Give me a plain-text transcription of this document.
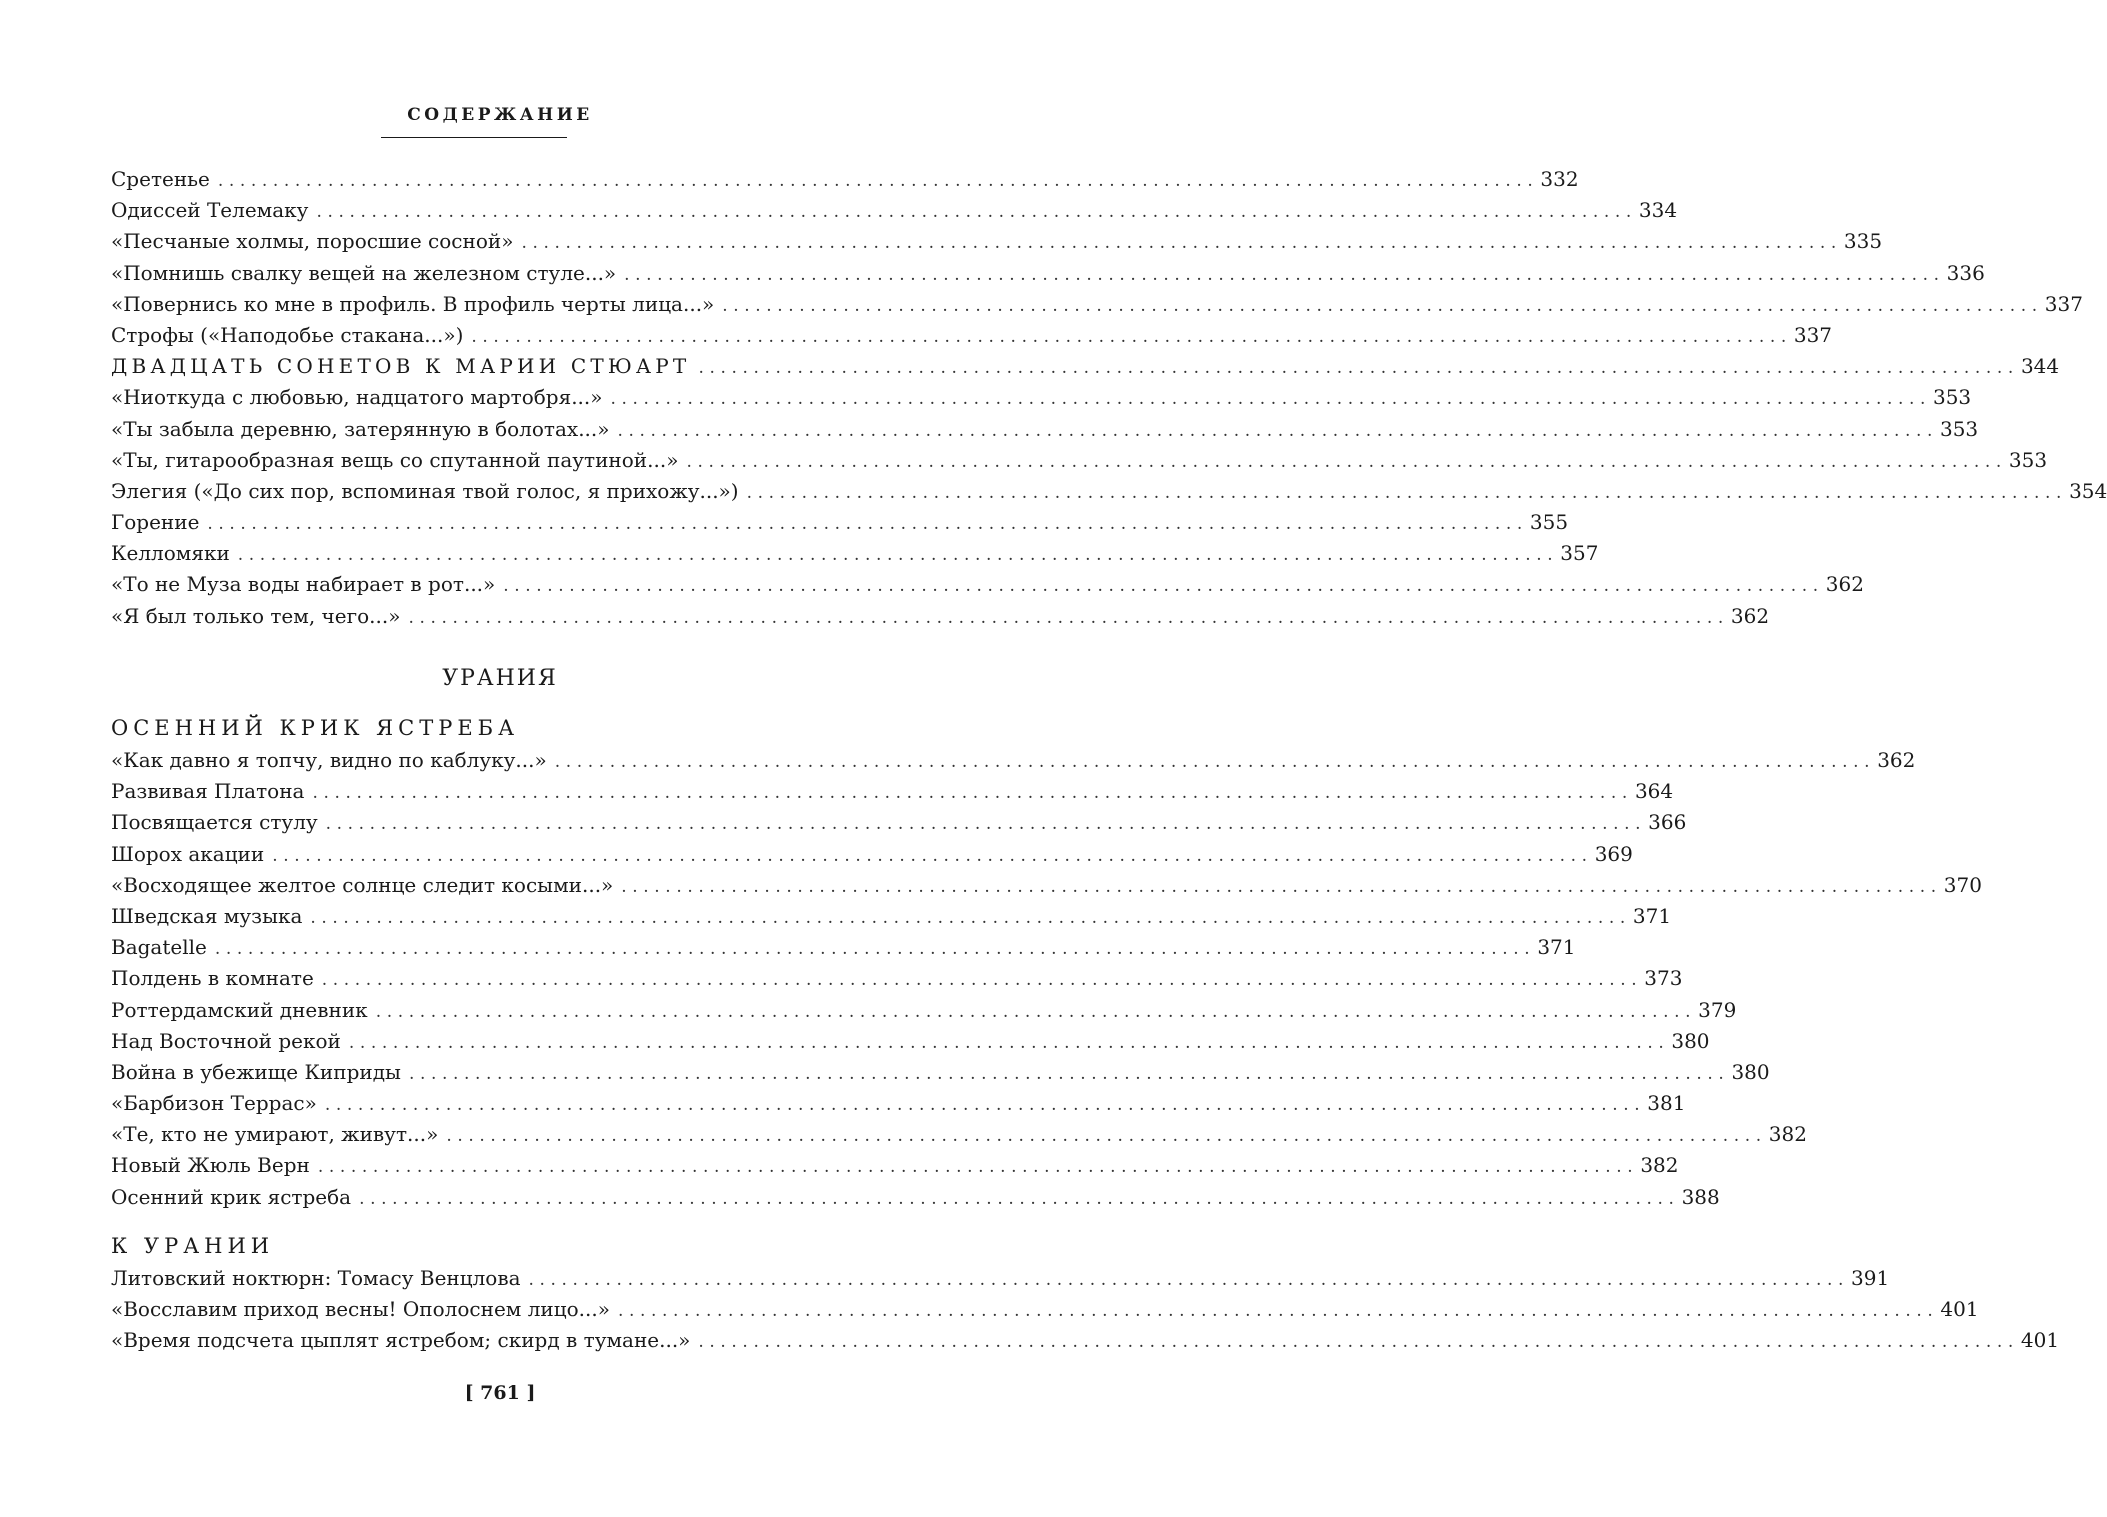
СОДЕРЖАНИЕ
Сретенье ........................................................................................................................ 332
Одиссей Телемаку ........................................................................................................................ 334
«Песчаные холмы, поросшие сосной» ........................................................................................................................ 335
«Помнишь свалку вещей на железном стуле...» ........................................................................................................................ 336
«Повернись ко мне в профиль. В профиль черты лица...» ........................................................................................................................ 337
Строфы («Наподобье стакана...») ........................................................................................................................ 337
ДВАДЦАТЬ СОНЕТОВ К МАРИИ СТЮАРТ ........................................................................................................................ 344
«Ниоткуда с любовью, надцатого мартобря...» ........................................................................................................................ 353
«Ты забыла деревню, затерянную в болотах...» ........................................................................................................................ 353
«Ты, гитарообразная вещь со спутанной паутиной...» ........................................................................................................................ 353
Элегия («До сих пор, вспоминая твой голос, я прихожу...») ........................................................................................................................ 354
Горение ........................................................................................................................ 355
Келломяки ........................................................................................................................ 357
«То не Муза воды набирает в рот...» ........................................................................................................................ 362
«Я был только тем, чего...» ........................................................................................................................ 362
УРАНИЯ
ОСЕННИЙ КРИК ЯСТРЕБА
«Как давно я топчу, видно по каблуку...» ........................................................................................................................ 362
Развивая Платона ........................................................................................................................ 364
Посвящается стулу ........................................................................................................................ 366
Шорох акации ........................................................................................................................ 369
«Восходящее желтое солнце следит косыми...» ........................................................................................................................ 370
Шведская музыка ........................................................................................................................ 371
Bagatelle ........................................................................................................................ 371
Полдень в комнате ........................................................................................................................ 373
Роттердамский дневник ........................................................................................................................ 379
Над Восточной рекой ........................................................................................................................ 380
Война в убежище Киприды ........................................................................................................................ 380
«Барбизон Террас» ........................................................................................................................ 381
«Те, кто не умирают, живут...» ........................................................................................................................ 382
Новый Жюль Верн ........................................................................................................................ 382
Осенний крик ястреба ........................................................................................................................ 388
К УРАНИИ
Литовский ноктюрн: Томасу Венцлова ........................................................................................................................ 391
«Восславим приход весны! Ополоснем лицо...» ........................................................................................................................ 401
«Время подсчета цыплят ястребом; скирд в тумане...» ........................................................................................................................ 401
[ 761 ]
